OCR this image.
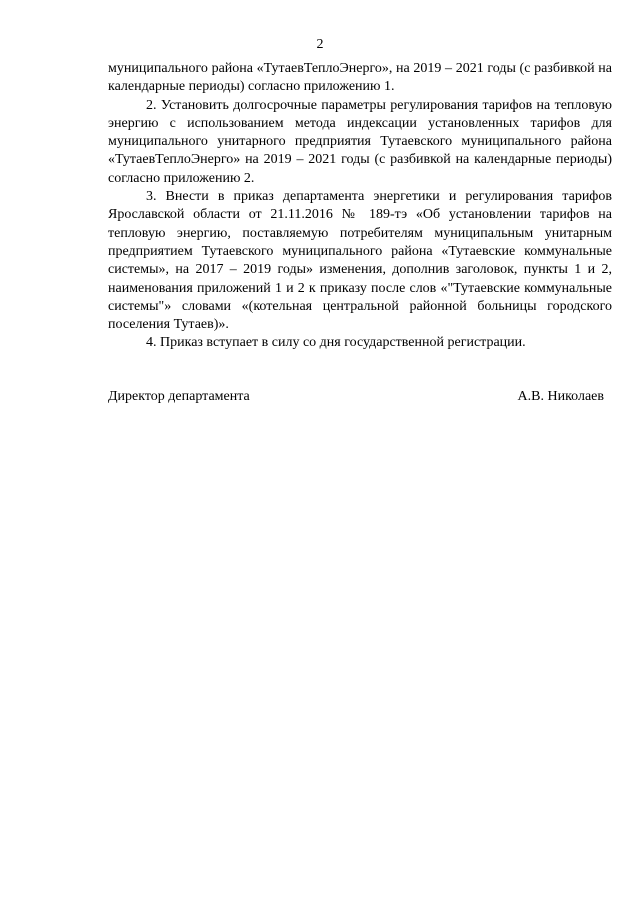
2

муниципального района «ТутаевТеплоЭнерго», на 2019 – 2021 годы (с разбивкой на календарные периоды) согласно приложению 1.

2. Установить долгосрочные параметры регулирования тарифов на тепловую энергию с использованием метода индексации установленных тарифов для муниципального унитарного предприятия Тутаевского муниципального района «ТутаевТеплоЭнерго» на 2019 – 2021 годы (с разбивкой на календарные периоды) согласно приложению 2.

3. Внести в приказ департамента энергетики и регулирования тарифов Ярославской области от 21.11.2016 № 189-тэ «Об установлении тарифов на тепловую энергию, поставляемую потребителям муниципальным унитарным предприятием Тутаевского муниципального района «Тутаевские коммунальные системы», на 2017 – 2019 годы» изменения, дополнив заголовок, пункты 1 и 2, наименования приложений 1 и 2 к приказу после слов «"Тутаевские коммунальные системы"» словами «(котельная центральной районной больницы городского поселения Тутаев)».

4. Приказ вступает в силу со дня государственной регистрации.

Директор департамента	А.В. Николаев
